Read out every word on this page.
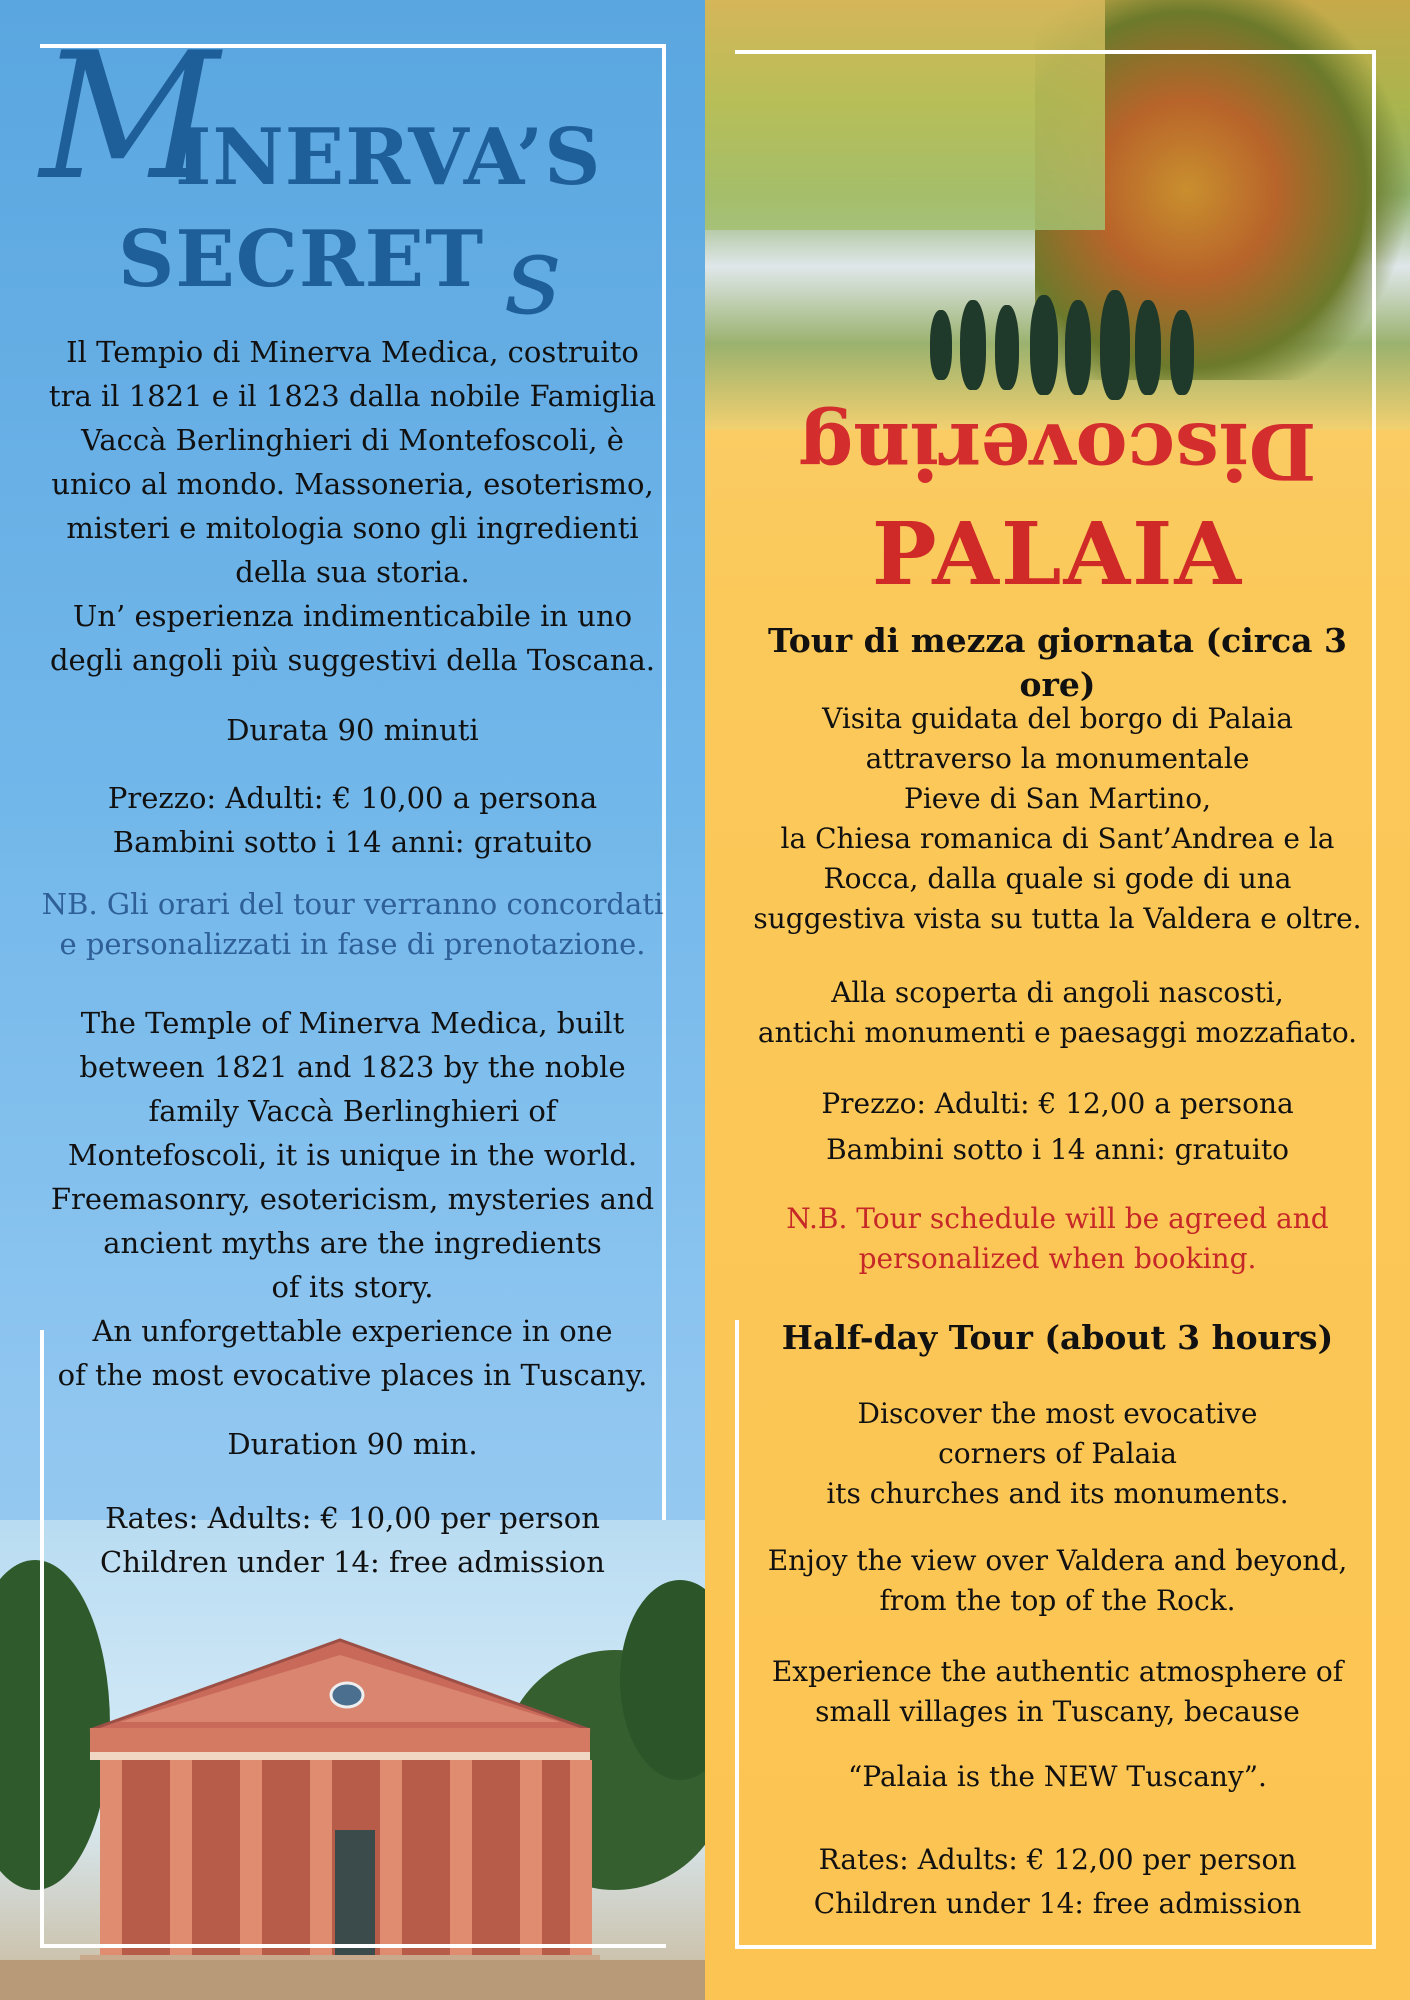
M
INERVA’S
SECRET s
Il Tempio di Minerva Medica, costruito
tra il 1821 e il 1823 dalla nobile Famiglia
Vaccà Berlinghieri di Montefoscoli, è
unico al mondo. Massoneria, esoterismo,
misteri e mitologia sono gli ingredienti
della sua storia.
Un’ esperienza indimenticabile in uno
degli angoli più suggestivi della Toscana.
Durata 90 minuti
Prezzo: Adulti: € 10,00 a persona
Bambini sotto i 14 anni: gratuito
NB. Gli orari del tour verranno concordati
e personalizzati in fase di prenotazione.
The Temple of Minerva Medica, built
between 1821 and 1823 by the noble
family Vaccà Berlinghieri of
Montefoscoli, it is unique in the world.
Freemasonry, esotericism, mysteries and
ancient myths are the ingredients
of its story.
An unforgettable experience in one
of the most evocative places in Tuscany.
Duration 90 min.
Rates: Adults: € 10,00 per person
Children under 14: free admission
Discovering
PALAIA
Tour di mezza giornata (circa 3 ore)
Visita guidata del borgo di Palaia
attraverso la monumentale
Pieve di San Martino,
la Chiesa romanica di Sant’Andrea e la
Rocca, dalla quale si gode di una
suggestiva vista su tutta la Valdera e oltre.
Alla scoperta di angoli nascosti,
antichi monumenti e paesaggi mozzafiato.
Prezzo: Adulti: € 12,00 a persona
Bambini sotto i 14 anni: gratuito
N.B. Tour schedule will be agreed and
personalized when booking.
Half-day Tour (about 3 hours)
Discover the most evocative
corners of Palaia
its churches and its monuments.
Enjoy the view over Valdera and beyond,
from the top of the Rock.
Experience the authentic atmosphere of
small villages in Tuscany, because
“Palaia is the NEW Tuscany”.
Rates: Adults: € 12,00 per person
Children under 14: free admission
